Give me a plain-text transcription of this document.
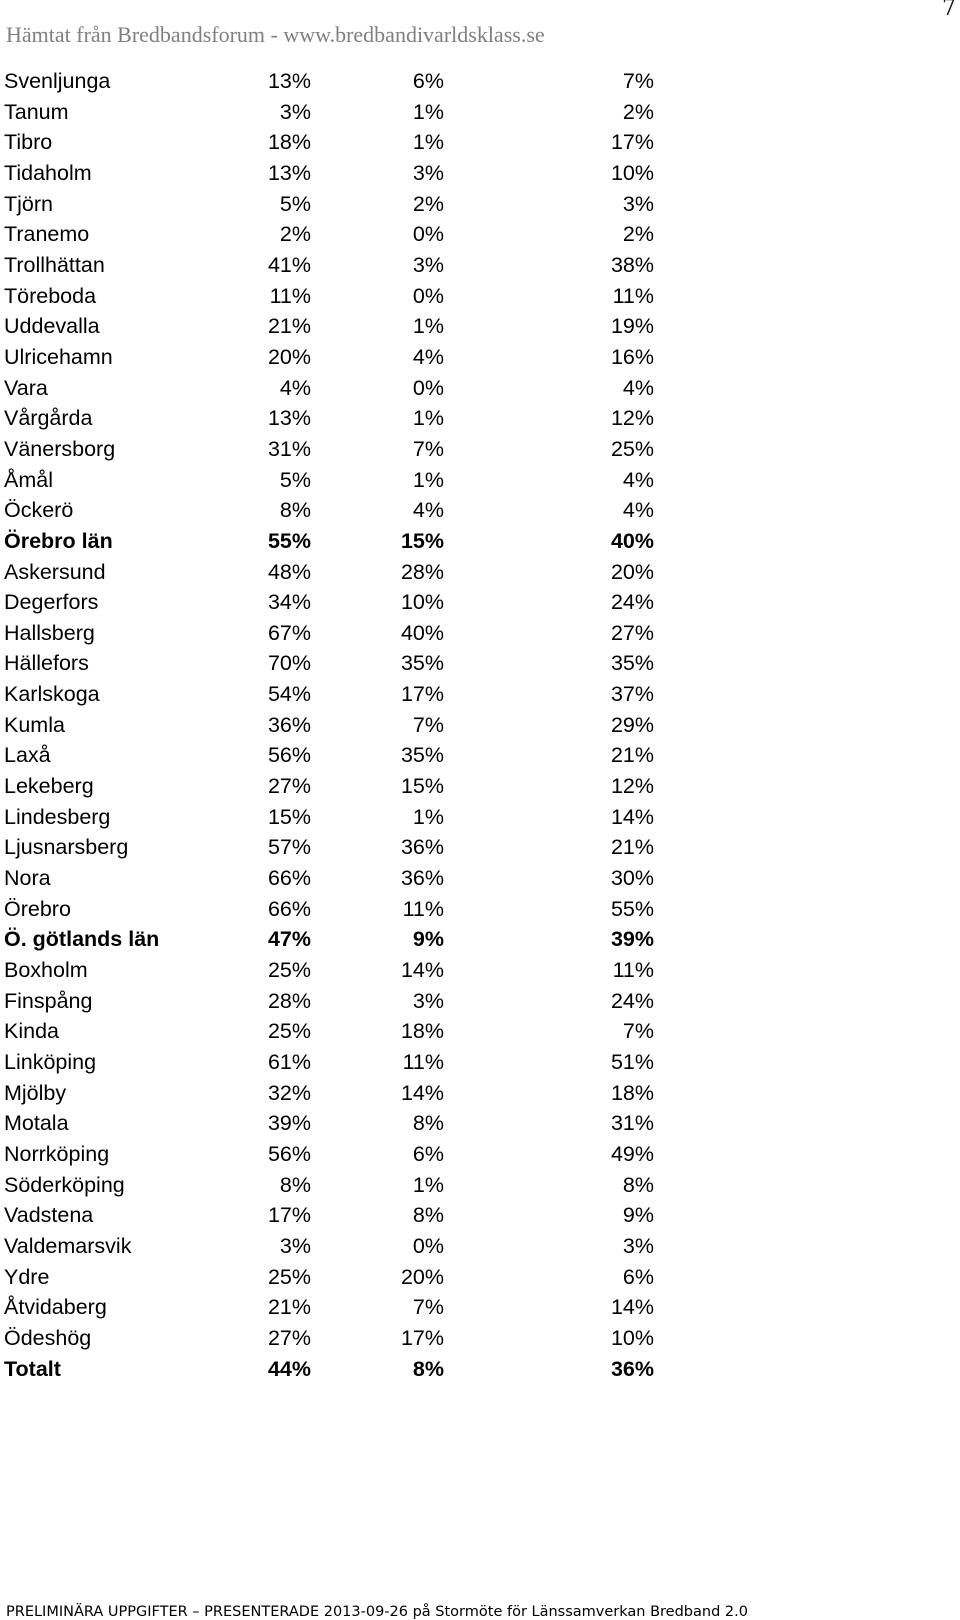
7
Hämtat från Bredbandsforum - www.bredbandivarldsklass.se
Svenljunga	13%	6%	7%
Tanum	3%	1%	2%
Tibro	18%	1%	17%
Tidaholm	13%	3%	10%
Tjörn	5%	2%	3%
Tranemo	2%	0%	2%
Trollhättan	41%	3%	38%
Töreboda	11%	0%	11%
Uddevalla	21%	1%	19%
Ulricehamn	20%	4%	16%
Vara	4%	0%	4%
Vårgårda	13%	1%	12%
Vänersborg	31%	7%	25%
Åmål	5%	1%	4%
Öckerö	8%	4%	4%
Örebro län	55%	15%	40%
Askersund	48%	28%	20%
Degerfors	34%	10%	24%
Hallsberg	67%	40%	27%
Hällefors	70%	35%	35%
Karlskoga	54%	17%	37%
Kumla	36%	7%	29%
Laxå	56%	35%	21%
Lekeberg	27%	15%	12%
Lindesberg	15%	1%	14%
Ljusnarsberg	57%	36%	21%
Nora	66%	36%	30%
Örebro	66%	11%	55%
Ö. götlands län	47%	9%	39%
Boxholm	25%	14%	11%
Finspång	28%	3%	24%
Kinda	25%	18%	7%
Linköping	61%	11%	51%
Mjölby	32%	14%	18%
Motala	39%	8%	31%
Norrköping	56%	6%	49%
Söderköping	8%	1%	8%
Vadstena	17%	8%	9%
Valdemarsvik	3%	0%	3%
Ydre	25%	20%	6%
Åtvidaberg	21%	7%	14%
Ödeshög	27%	17%	10%
Totalt	44%	8%	36%
PRELIMINÄRA UPPGIFTER – PRESENTERADE 2013-09-26 på Stormöte för Länssamverkan Bredband 2.0
